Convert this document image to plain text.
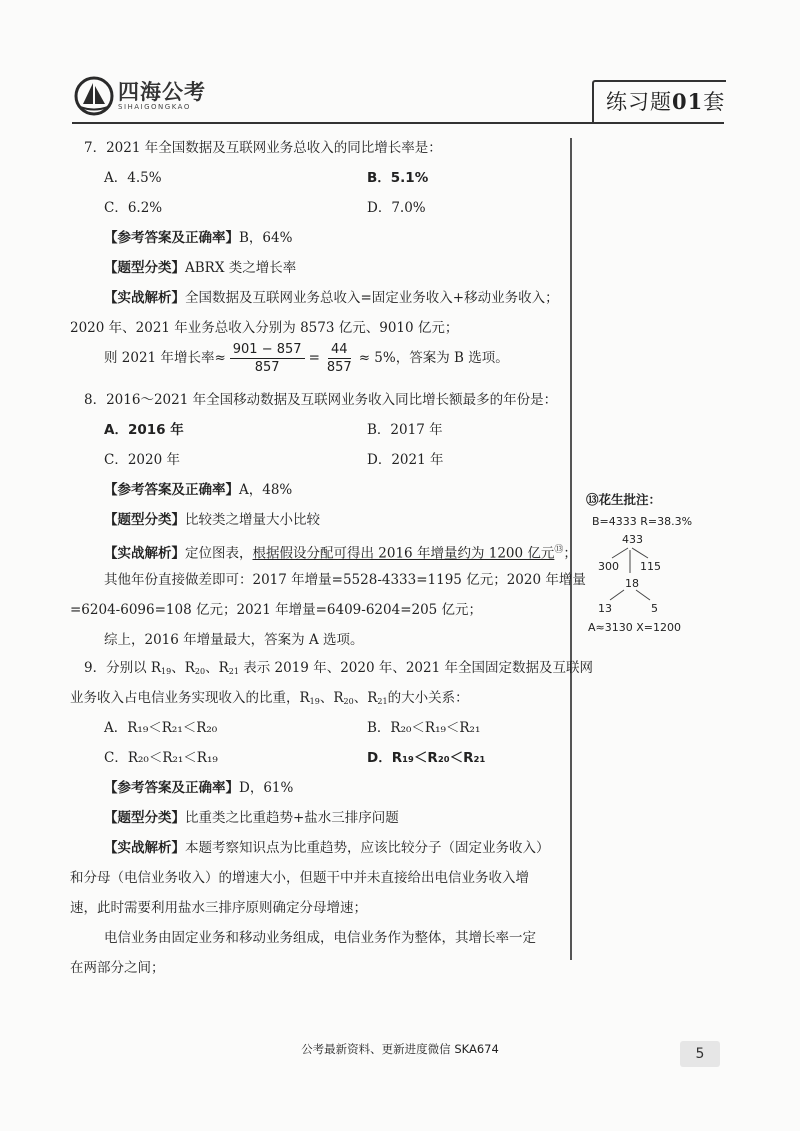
四海公考
SIHAIGONGKAO	练习题01套
7．2021 年全国数据及互联网业务总收入的同比增长率是：
A．4.5%	B．5.1%
C．6.2%	D．7.0%
【参考答案及正确率】B，64%
【题型分类】ABRX 类之增长率
【实战解析】全国数据及互联网业务总收入=固定业务收入+移动业务收入；
2020 年、2021 年业务总收入分别为 8573 亿元、9010 亿元；
则 2021 年增长率≈ $\frac{901 - 857}{857} = \frac{44}{857} \approx 5\%$，答案为 B 选项。
8．2016～2021 年全国移动数据及互联网业务收入同比增长额最多的年份是：
A．2016 年	B．2017 年
C．2020 年	D．2021 年
【参考答案及正确率】A，48%
【题型分类】比较类之增量大小比较
【实战解析】定位图表，根据假设分配可得出 2016 年增量约为 1200 亿元⑬；
其他年份直接做差即可：2017 年增量=5528-4333=1195 亿元；2020 年增量
=6204-6096=108 亿元；2021 年增量=6409-6204=205 亿元；
综上，2016 年增量最大，答案为 A 选项。
9．分别以 $R_{19}$、$R_{20}$、$R_{21}$ 表示 2019 年、2020 年、2021 年全国固定数据及互联网
业务收入占电信业务实现收入的比重，$R_{19}$、$R_{20}$、$R_{21}$的大小关系：
A．R₁₉＜R₂₁＜R₂₀	B．R₂₀＜R₁₉＜R₂₁
C．R₂₀＜R₂₁＜R₁₉	D．R₁₉＜R₂₀＜R₂₁
【参考答案及正确率】D，61%
【题型分类】比重类之比重趋势+盐水三排序问题
【实战解析】本题考察知识点为比重趋势，应该比较分子（固定业务收入）
和分母（电信业务收入）的增速大小，但题干中并未直接给出电信业务收入增
速，此时需要利用盐水三排序原则确定分母增速；
电信业务由固定业务和移动业务组成，电信业务作为整体，其增长率一定
在两部分之间；
⑬花生批注：
B=4333 R=38.3%
433
300 115
18
13	5
A≈3130 X=1200
公考最新资料、更新进度微信 SKA674	5
